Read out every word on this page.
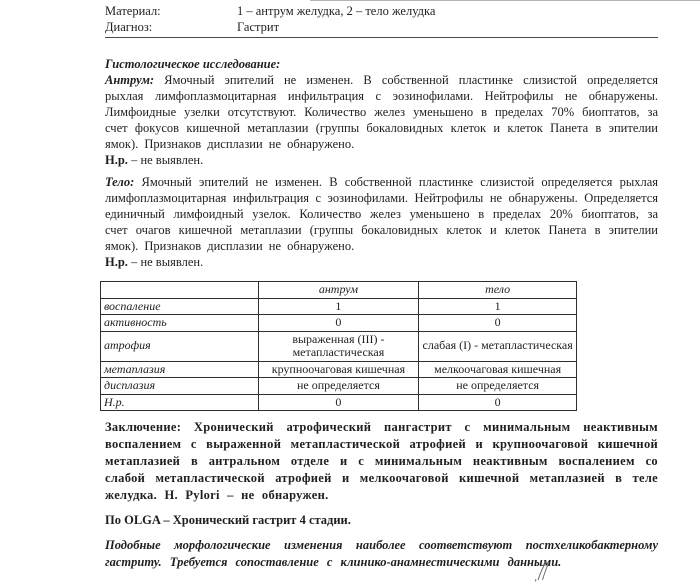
Материал:	1 – антрум желудка, 2 – тело желудка
Диагноз:	Гастрит

Гистологическое исследование:

Антрум: Ямочный эпителий не изменен. В собственной пластинке слизистой определяется рыхлая лимфоплазмоцитарная инфильтрация с эозинофилами. Нейтрофилы не обнаружены. Лимфоидные узелки отсутствуют. Количество желез уменьшено в пределах 70% биоптатов, за счет фокусов кишечной метаплазии (группы бокаловидных клеток и клеток Панета в эпителии ямок). Признаков дисплазии не обнаружено.

Н.р. – не выявлен.

Тело: Ямочный эпителий не изменен. В собственной пластинке слизистой определяется рыхлая лимфоплазмоцитарная инфильтрация с эозинофилами. Нейтрофилы не обнаружены. Определяется единичный лимфоидный узелок. Количество желез уменьшено в пределах 20% биоптатов, за счет очагов кишечной метаплазии (группы бокаловидных клеток и клеток Панета в эпителии ямок). Признаков дисплазии не обнаружено.

Н.р. – не выявлен.

	антрум	тело
воспаление	1	1
активность	0	0
атрофия	выраженная (III) - метапластическая	слабая (I) - метапластическая
метаплазия	крупноочаговая кишечная	мелкоочаговая кишечная
дисплазия	не определяется	не определяется
Н.р.	0	0

Заключение: Хронический атрофический пангастрит с минимальным неактивным воспалением с выраженной метапластической атрофией и крупноочаговой кишечной метаплазией в антральном отделе и с минимальным неактивным воспалением со слабой метапластической атрофией и мелкоочаговой кишечной метаплазией в теле желудка. Н. Pylori – не обнаружен.

По OLGA – Хронический гастрит 4 стадии.

Подобные морфологические изменения наиболее соответствуют постхеликобактерному гастриту. Требуется сопоставление с клинико-анамнестическими данными.
